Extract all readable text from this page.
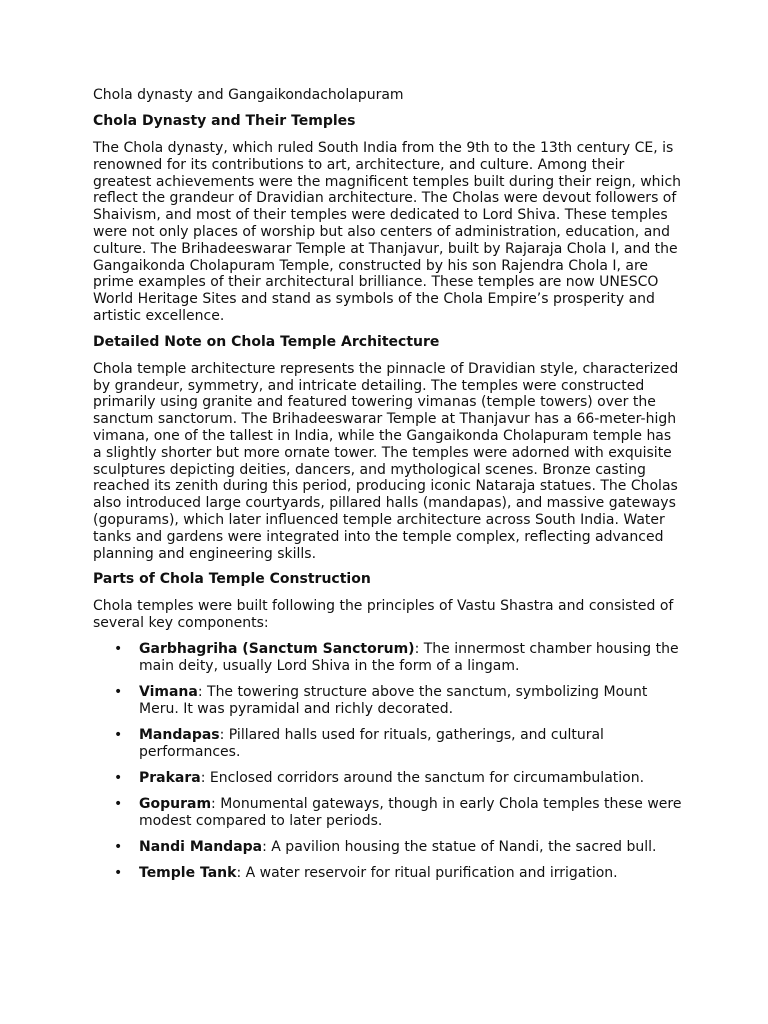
Chola dynasty and Gangaikondacholapuram

Chola Dynasty and Their Temples

The Chola dynasty, which ruled South India from the 9th to the 13th century CE, is renowned for its contributions to art, architecture, and culture. Among their greatest achievements were the magnificent temples built during their reign, which reflect the grandeur of Dravidian architecture. The Cholas were devout followers of Shaivism, and most of their temples were dedicated to Lord Shiva. These temples were not only places of worship but also centers of administration, education, and culture. The Brihadeeswarar Temple at Thanjavur, built by Rajaraja Chola I, and the Gangaikonda Cholapuram Temple, constructed by his son Rajendra Chola I, are prime examples of their architectural brilliance. These temples are now UNESCO World Heritage Sites and stand as symbols of the Chola Empire’s prosperity and artistic excellence.

Detailed Note on Chola Temple Architecture

Chola temple architecture represents the pinnacle of Dravidian style, characterized by grandeur, symmetry, and intricate detailing. The temples were constructed primarily using granite and featured towering vimanas (temple towers) over the sanctum sanctorum. The Brihadeeswarar Temple at Thanjavur has a 66-meter-high vimana, one of the tallest in India, while the Gangaikonda Cholapuram temple has a slightly shorter but more ornate tower. The temples were adorned with exquisite sculptures depicting deities, dancers, and mythological scenes. Bronze casting reached its zenith during this period, producing iconic Nataraja statues. The Cholas also introduced large courtyards, pillared halls (mandapas), and massive gateways (gopurams), which later influenced temple architecture across South India. Water tanks and gardens were integrated into the temple complex, reflecting advanced planning and engineering skills.

Parts of Chola Temple Construction

Chola temples were built following the principles of Vastu Shastra and consisted of several key components:

• Garbhagriha (Sanctum Sanctorum): The innermost chamber housing the main deity, usually Lord Shiva in the form of a lingam.
• Vimana: The towering structure above the sanctum, symbolizing Mount Meru. It was pyramidal and richly decorated.
• Mandapas: Pillared halls used for rituals, gatherings, and cultural performances.
• Prakara: Enclosed corridors around the sanctum for circumambulation.
• Gopuram: Monumental gateways, though in early Chola temples these were modest compared to later periods.
• Nandi Mandapa: A pavilion housing the statue of Nandi, the sacred bull.
• Temple Tank: A water reservoir for ritual purification and irrigation.
